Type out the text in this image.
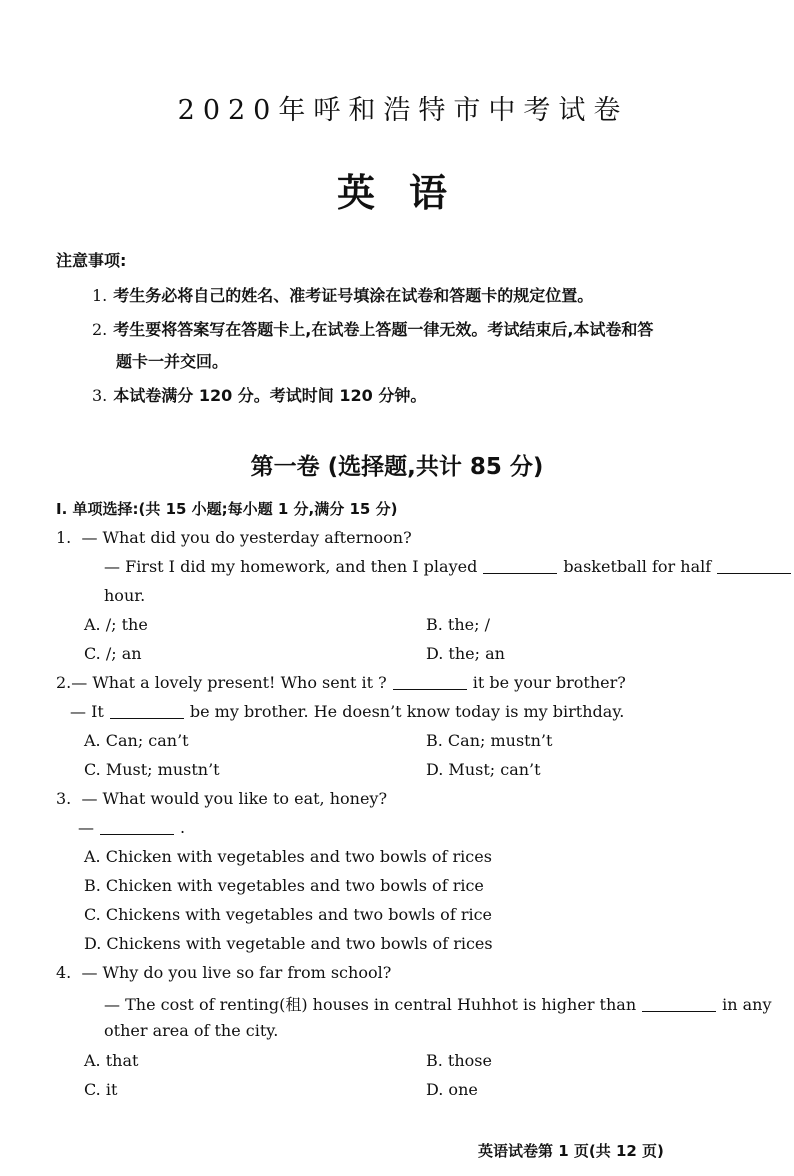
2020年呼和浩特市中考试卷
英语
注意事项:
1. 考生务必将自己的姓名、准考证号填涂在试卷和答题卡的规定位置。
2. 考生要将答案写在答题卡上,在试卷上答题一律无效。考试结束后,本试卷和答
题卡一并交回。
3. 本试卷满分 120 分。考试时间 120 分钟。
第一卷 (选择题,共计 85 分)
I. 单项选择:(共 15 小题;每小题 1 分,满分 15 分)
1. — What did you do yesterday afternoon?
— First I did my homework, and then I played	basketball for half
hour.
A. /; the	B. the; /
C. /; an	D. the; an
2.— What a lovely present! Who sent it ?	it be your brother?
— It	be my brother. He doesn’t know today is my birthday.
A. Can; can’t	B. Can; mustn’t
C. Must; mustn’t	D. Must; can’t
3. — What would you like to eat, honey?
—	.
A. Chicken with vegetables and two bowls of rices
B. Chicken with vegetables and two bowls of rice
C. Chickens with vegetables and two bowls of rice
D. Chickens with vegetable and two bowls of rices
4. — Why do you live so far from school?
— The cost of renting(租) houses in central Huhhot is higher than	in any
other area of the city.
A. that	B. those
C. it	D. one
英语试卷第 1 页(共 12 页)
